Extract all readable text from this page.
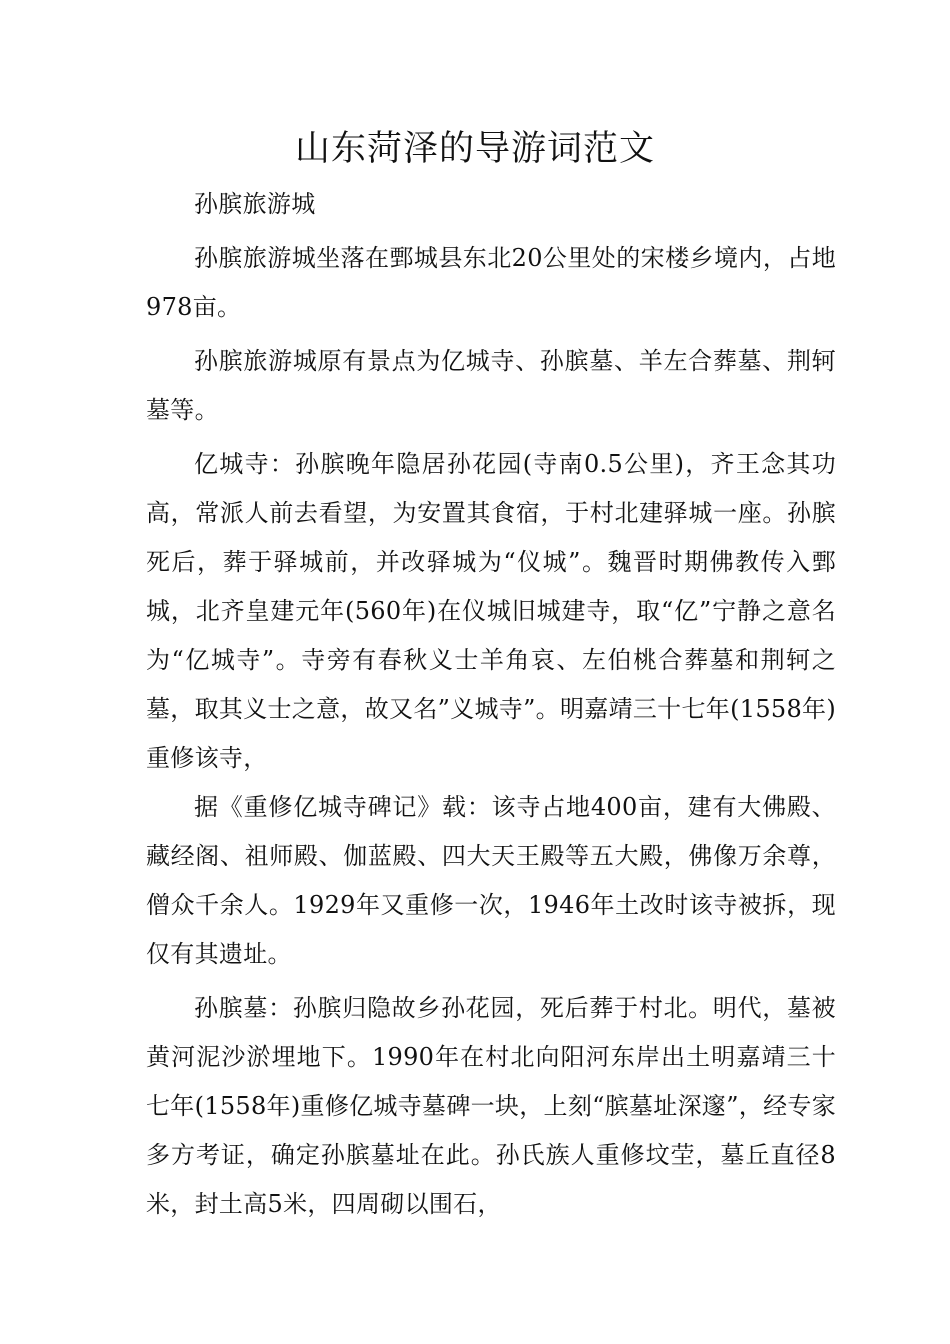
山东菏泽的导游词范文

孙膑旅游城

孙膑旅游城坐落在鄄城县东北20公里处的宋楼乡境内，占地978亩。

孙膑旅游城原有景点为亿城寺、孙膑墓、羊左合葬墓、荆轲墓等。

亿城寺：孙膑晚年隐居孙花园(寺南0.5公里)，齐王念其功高，常派人前去看望，为安置其食宿，于村北建驿城一座。孙膑死后，葬于驿城前，并改驿城为“仪城”。魏晋时期佛教传入鄄城，北齐皇建元年(560年)在仪城旧城建寺，取“亿”宁静之意名为“亿城寺”。寺旁有春秋义士羊角哀、左伯桃合葬墓和荆轲之墓，取其义士之意，故又名”义城寺”。明嘉靖三十七年(1558年)重修该寺，

据《重修亿城寺碑记》载：该寺占地400亩，建有大佛殿、藏经阁、祖师殿、伽蓝殿、四大天王殿等五大殿，佛像万余尊，僧众千余人。1929年又重修一次，1946年土改时该寺被拆，现仅有其遗址。

孙膑墓：孙膑归隐故乡孙花园，死后葬于村北。明代，墓被黄河泥沙淤埋地下。1990年在村北向阳河东岸出土明嘉靖三十七年(1558年)重修亿城寺墓碑一块，上刻“膑墓址深邃”，经专家多方考证，确定孙膑墓址在此。孙氏族人重修坟茔，墓丘直径8米，封土高5米，四周砌以围石，
